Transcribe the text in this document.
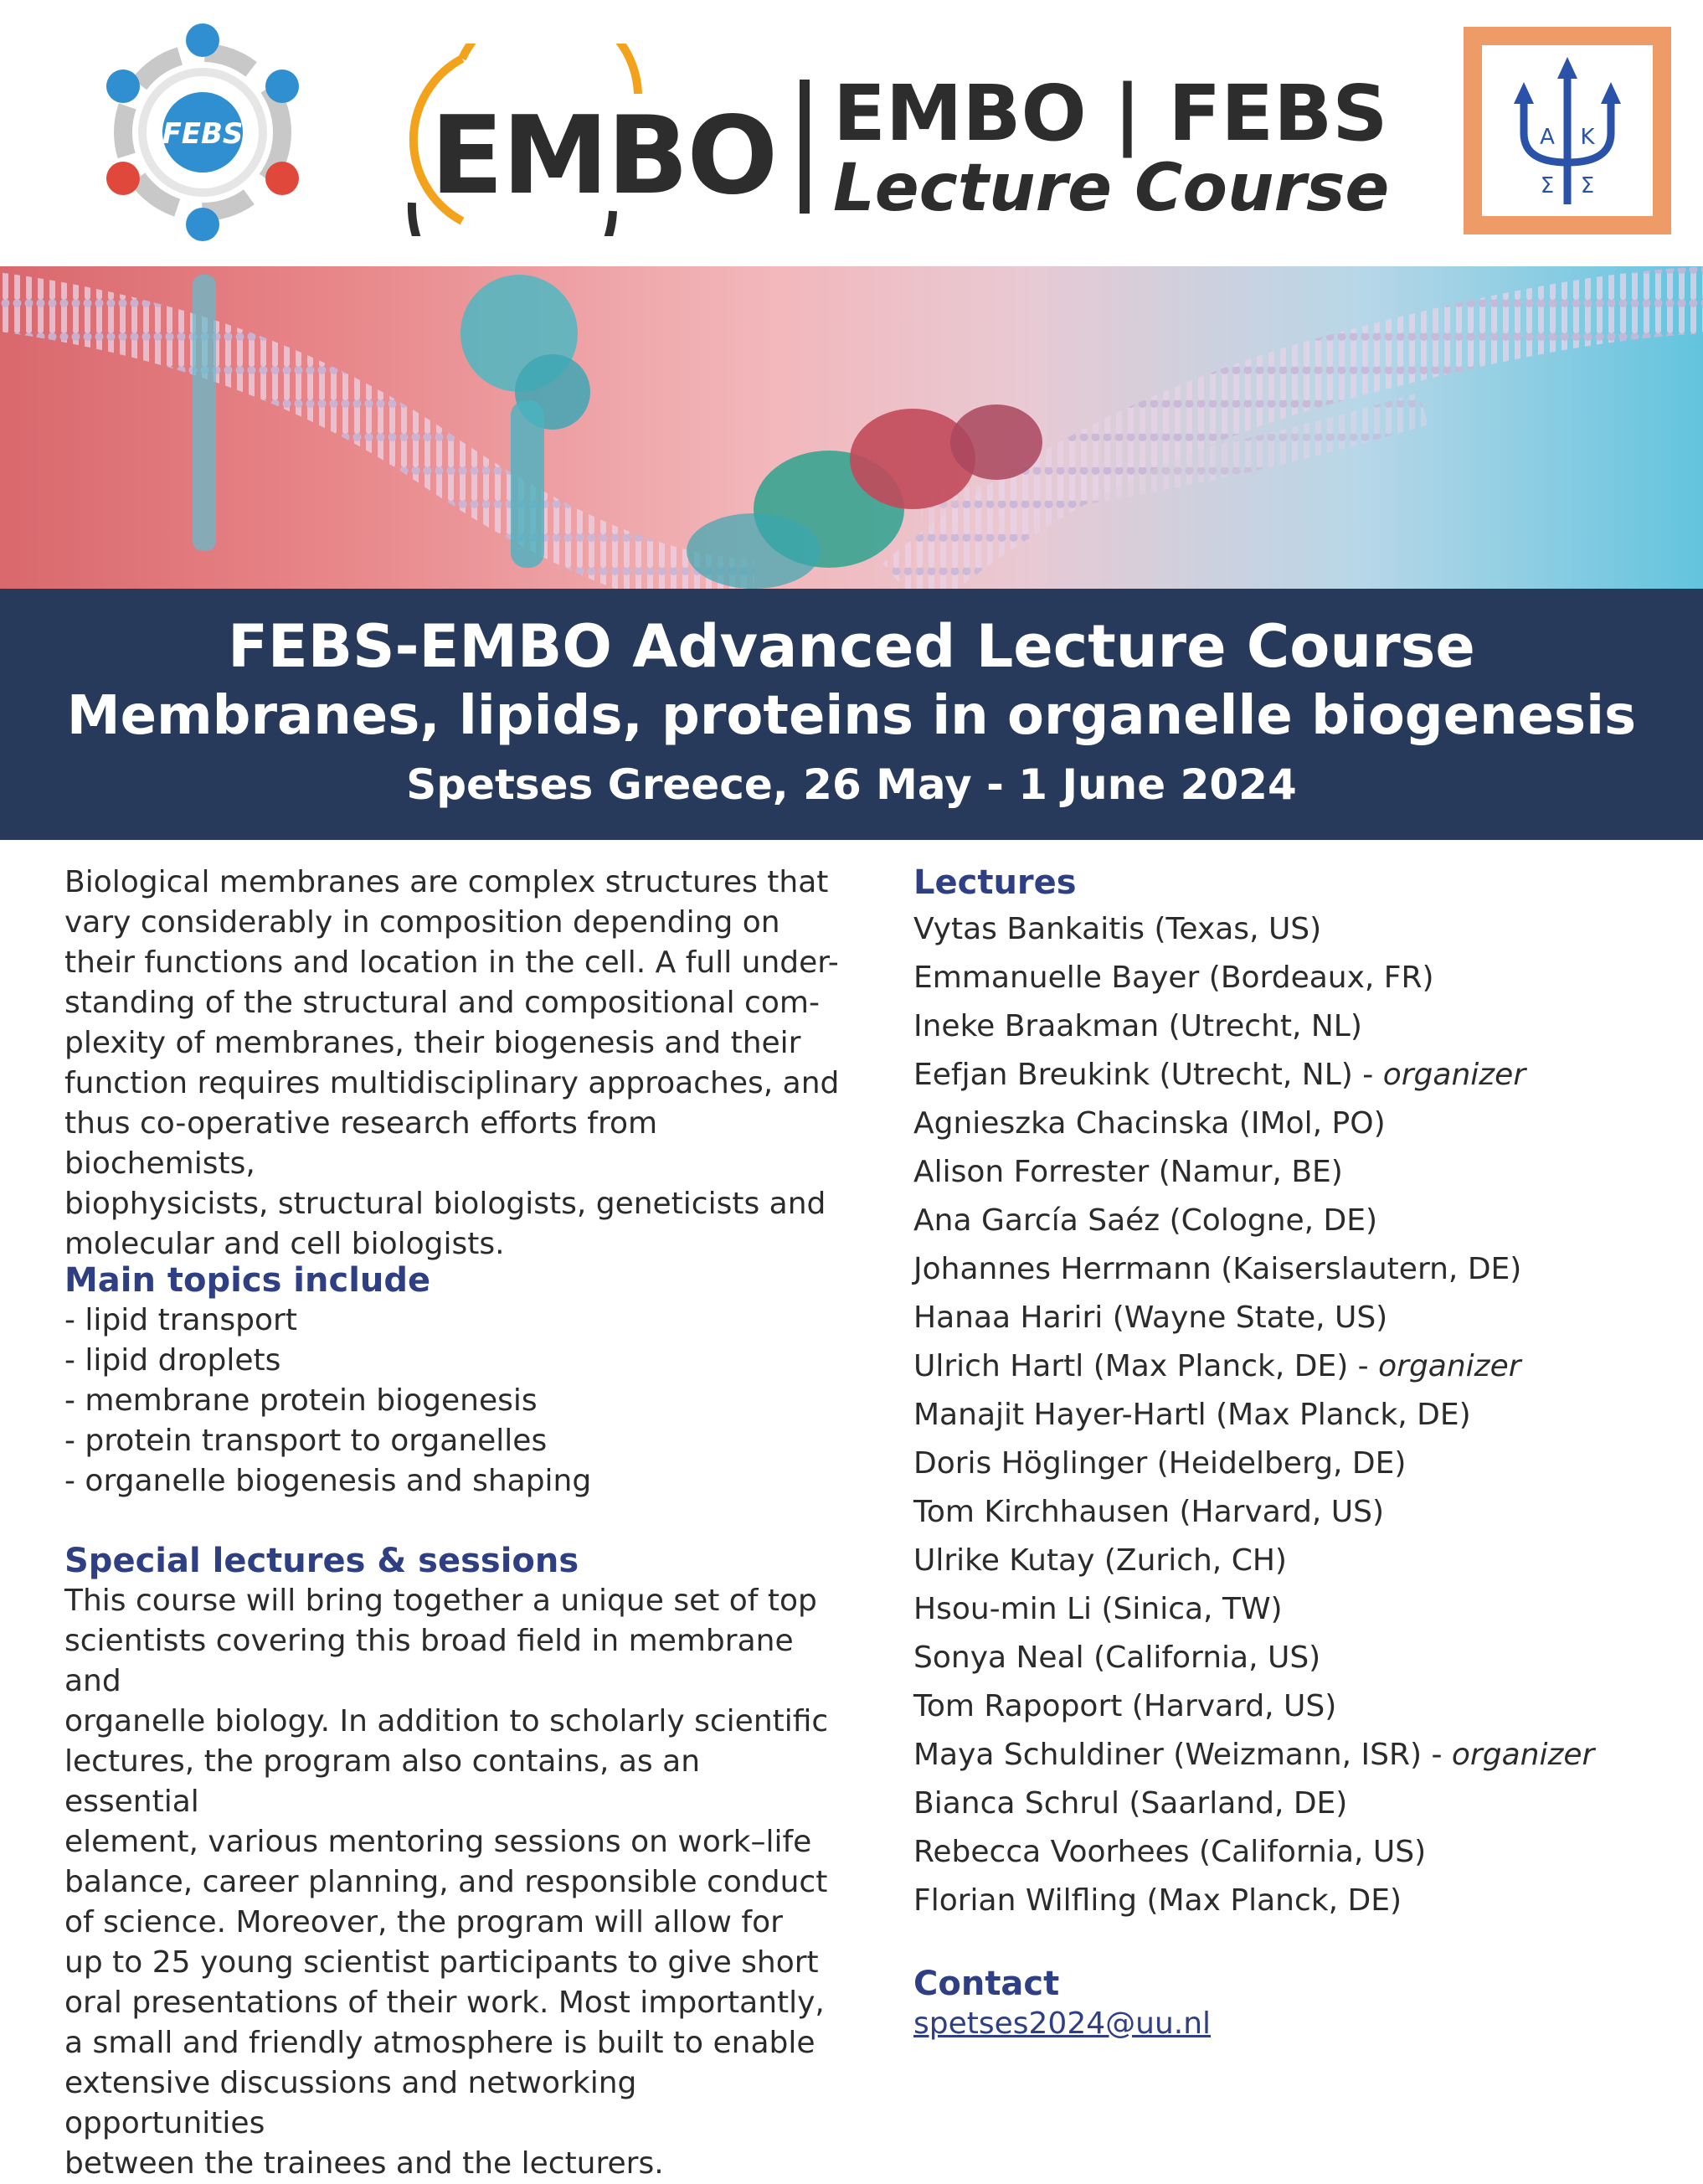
FEBS EMBO EMBO | FEBS
Lecture Course
Α Κ
Σ Σ
FEBS-EMBO Advanced Lecture Course
Membranes, lipids, proteins in organelle biogenesis
Spetses Greece, 26 May - 1 June 2024
Biological membranes are complex structures that
vary considerably in composition depending on
their functions and location in the cell. A full under-
standing of the structural and compositional com-
plexity of membranes, their biogenesis and their
function requires multidisciplinary approaches, and
thus co-operative research efforts from biochemists,
biophysicists, structural biologists, geneticists and
molecular and cell biologists.
Main topics include
- lipid transport
- lipid droplets
- membrane protein biogenesis
- protein transport to organelles
- organelle biogenesis and shaping
Special lectures & sessions
This course will bring together a unique set of top
scientists covering this broad field in membrane and
organelle biology. In addition to scholarly scientific
lectures, the program also contains, as an essential
element, various mentoring sessions on work–life
balance, career planning, and responsible conduct
of science. Moreover, the program will allow for
up to 25 young scientist participants to give short
oral presentations of their work. Most importantly,
a small and friendly atmosphere is built to enable
extensive discussions and networking opportunities
between the trainees and the lecturers.
Lectures
Vytas Bankaitis (Texas, US)
Emmanuelle Bayer (Bordeaux, FR)
Ineke Braakman (Utrecht, NL)
Eefjan Breukink (Utrecht, NL) - organizer
Agnieszka Chacinska (IMol, PO)
Alison Forrester (Namur, BE)
Ana García Saéz (Cologne, DE)
Johannes Herrmann (Kaiserslautern, DE)
Hanaa Hariri (Wayne State, US)
Ulrich Hartl (Max Planck, DE) - organizer
Manajit Hayer-Hartl (Max Planck, DE)
Doris Höglinger (Heidelberg, DE)
Tom Kirchhausen (Harvard, US)
Ulrike Kutay (Zurich, CH)
Hsou-min Li (Sinica, TW)
Sonya Neal (California, US)
Tom Rapoport (Harvard, US)
Maya Schuldiner (Weizmann, ISR) - organizer
Bianca Schrul (Saarland, DE)
Rebecca Voorhees (California, US)
Florian Wilfling (Max Planck, DE)
Contact
spetses2024@uu.nl
